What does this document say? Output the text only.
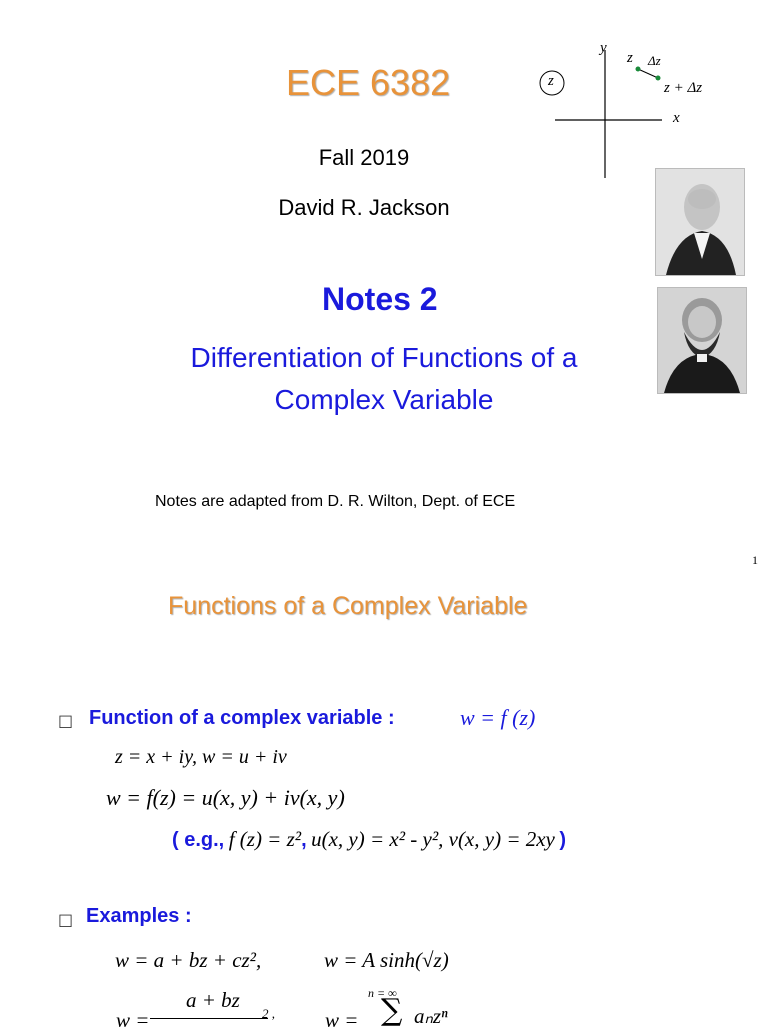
ECE 6382
Fall 2019
David R. Jackson
Notes 2
Differentiation of Functions of a
Complex Variable
Notes are adapted from D. R. Wilton, Dept. of ECE
1
z
y
x
z Δz
z + Δz
Functions of a Complex Variable
□ Function of a complex variable :	w = f (z)
z = x + iy, w = u + iv
w = f(z) = u(x, y) + iv(x, y)
( e.g., f (z) = z², u(x, y) = x² - y², v(x, y) = 2xy )
□ Examples :
w = a + bz + cz²,	w = A sinh(√z)
a + bz
w =	2 , w =
n = ∞
∑ aₙzⁿ
